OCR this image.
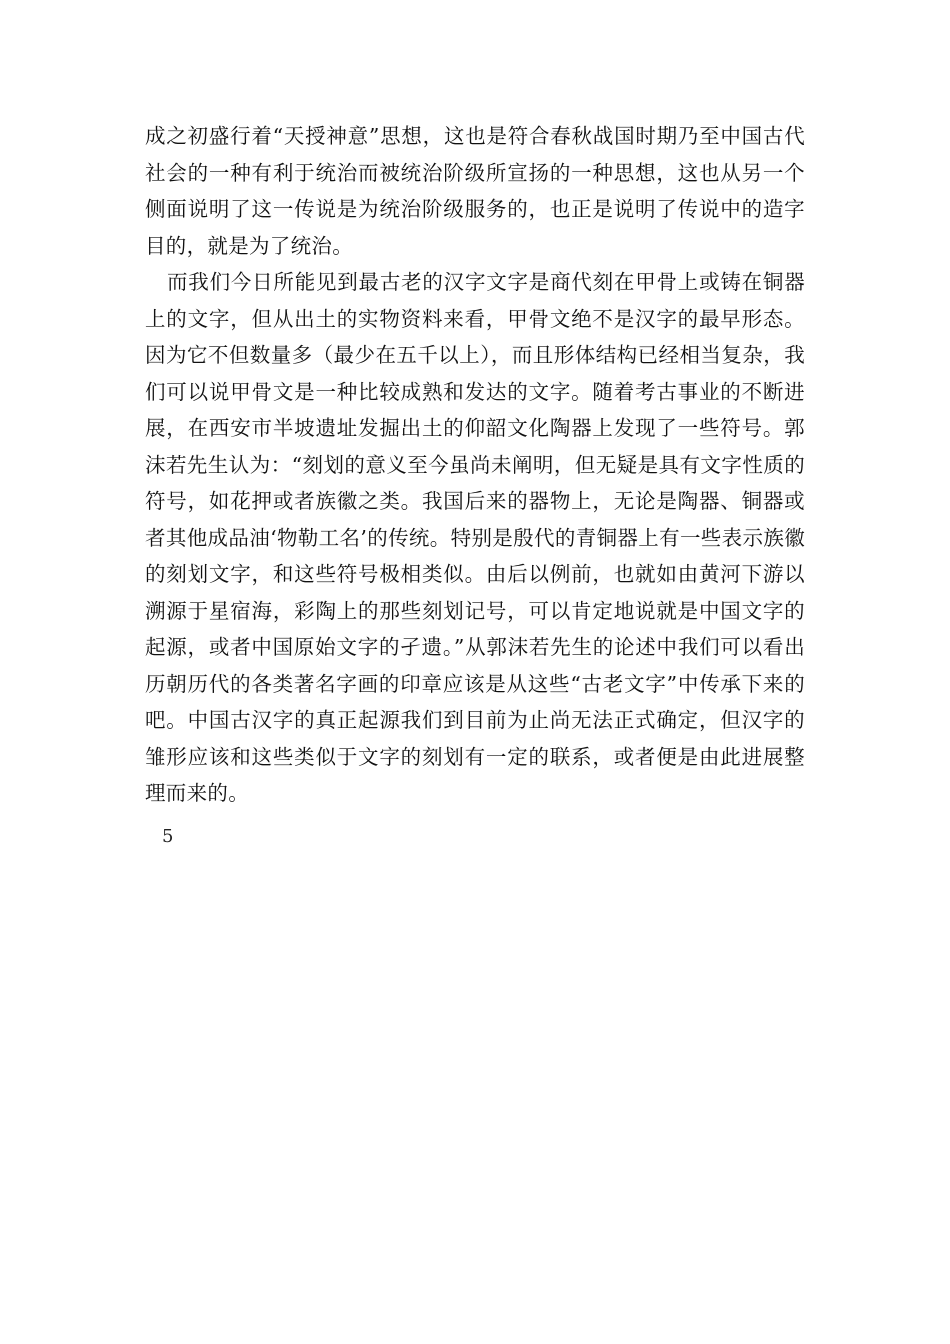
成之初盛行着“天授神意”思想，这也是符合春秋战国时期乃至中国古代社会的一种有利于统治而被统治阶级所宣扬的一种思想，这也从另一个侧面说明了这一传说是为统治阶级服务的，也正是说明了传说中的造字目的，就是为了统治。

而我们今日所能见到最古老的汉字文字是商代刻在甲骨上或铸在铜器上的文字，但从出土的实物资料来看，甲骨文绝不是汉字的最早形态。因为它不但数量多（最少在五千以上），而且形体结构已经相当复杂，我们可以说甲骨文是一种比较成熟和发达的文字。随着考古事业的不断进展，在西安市半坡遗址发掘出土的仰韶文化陶器上发现了一些符号。郭沫若先生认为：“刻划的意义至今虽尚未阐明，但无疑是具有文字性质的符号，如花押或者族徽之类。我国后来的器物上，无论是陶器、铜器或者其他成品油‘物勒工名’的传统。特别是殷代的青铜器上有一些表示族徽的刻划文字，和这些符号极相类似。由后以例前，也就如由黄河下游以溯源于星宿海，彩陶上的那些刻划记号，可以肯定地说就是中国文字的起源，或者中国原始文字的孑遗。”从郭沫若先生的论述中我们可以看出历朝历代的各类著名字画的印章应该是从这些“古老文字”中传承下来的吧。中国古汉字的真正起源我们到目前为止尚无法正式确定，但汉字的雏形应该和这些类似于文字的刻划有一定的联系，或者便是由此进展整理而来的。

5
